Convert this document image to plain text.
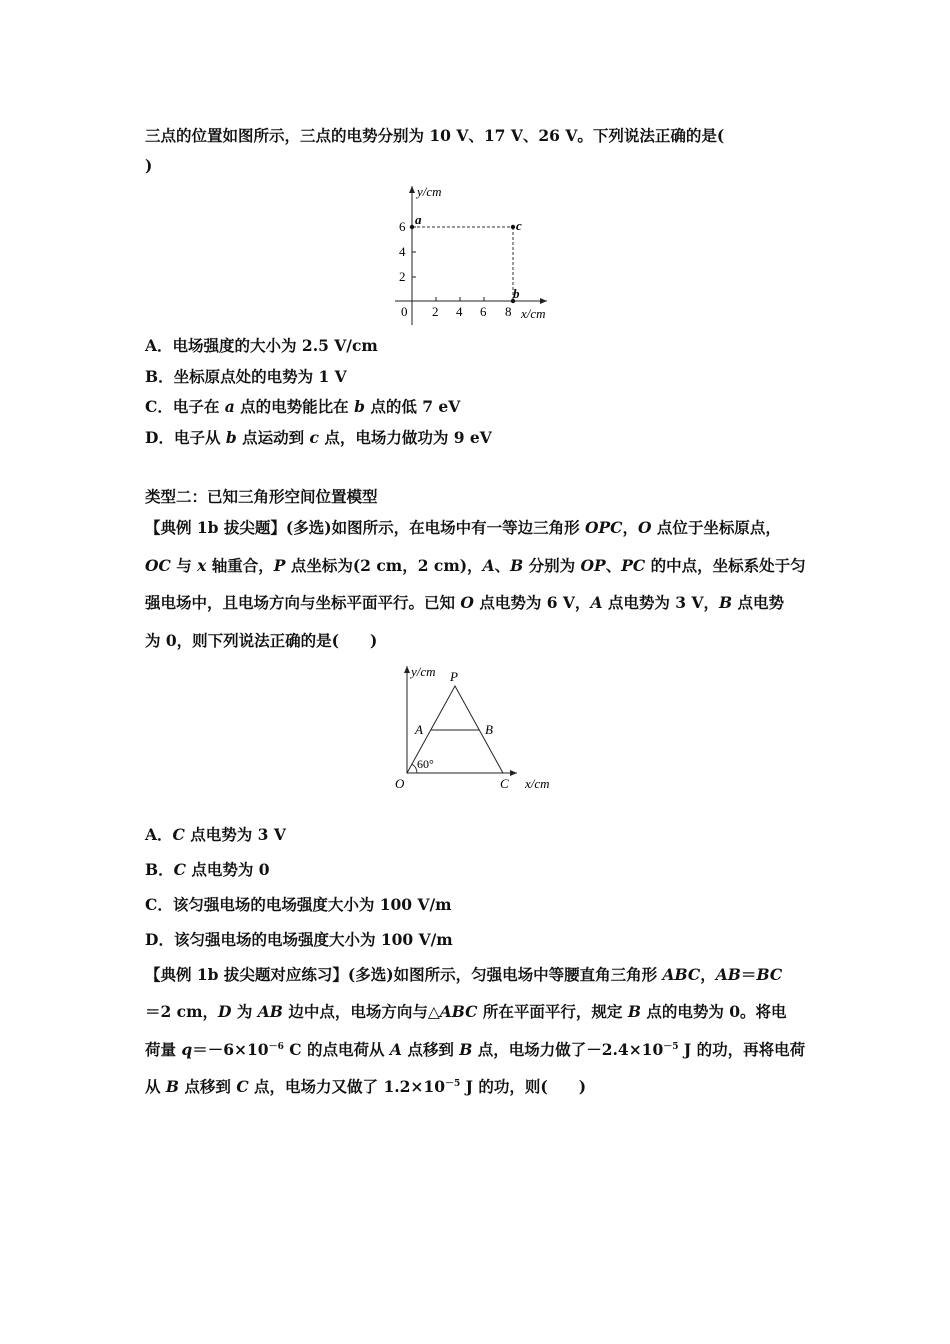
三点的位置如图所示，三点的电势分别为 10 V、17 V、26 V。下列说法正确的是(
)
y/cm
x/cm
6
4
2
0 2 4 6 8
a	c
b
A．电场强度的大小为 2.5 V/cm
B．坐标原点处的电势为 1 V
C．电子在 a 点的电势能比在 b 点的低 7 eV
D．电子从 b 点运动到 c 点，电场力做功为 9 eV
类型二：已知三角形空间位置模型
【典例 1b 拔尖题】(多选)如图所示，在电场中有一等边三角形 OPC，O 点位于坐标原点，
OC 与 x 轴重合，P 点坐标为(2 cm，2 cm)，A、B 分别为 OP、PC 的中点，坐标系处于匀
强电场中，且电场方向与坐标平面平行。已知 O 点电势为 6 V，A 点电势为 3 V，B 点电势
为 0，则下列说法正确的是(　　)
y/cm
x/cm
P
A	B
O	C
60°
A．C 点电势为 3 V
B．C 点电势为 0
C．该匀强电场的电场强度大小为 100 V/m
D．该匀强电场的电场强度大小为 100 V/m
【典例 1b 拔尖题对应练习】(多选)如图所示，匀强电场中等腰直角三角形 ABC，AB＝BC
＝2 cm，D 为 AB 边中点，电场方向与△ABC 所在平面平行，规定 B 点的电势为 0。将电
荷量 $q=-6\times 10^{-6}$ C 的点电荷从 A 点移到 B 点，电场力做了$-2.4\times 10^{-5}$ J 的功，再将电荷
从 B 点移到 C 点，电场力又做了 $1.2\times 10^{-5}$ J 的功，则(　　)
